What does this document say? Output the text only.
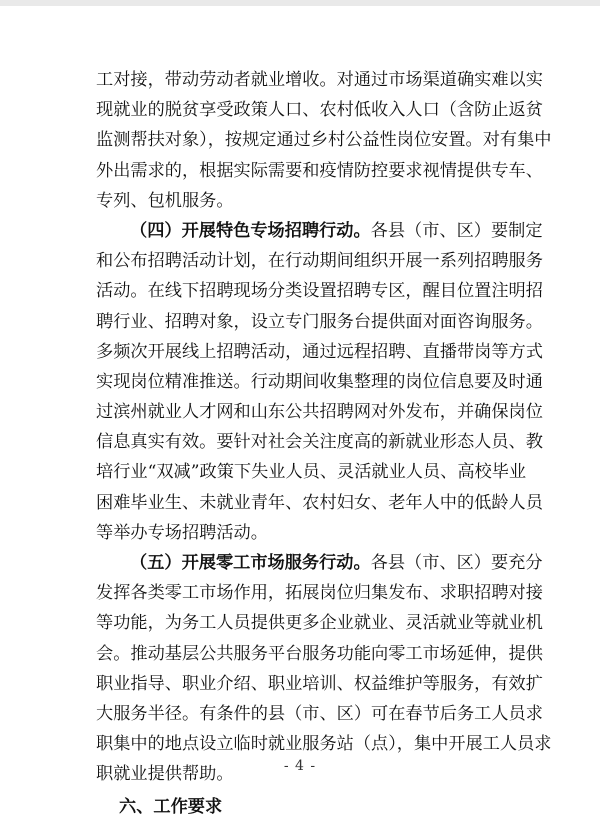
工对接，带动劳动者就业增收。对通过市场渠道确实难以实
现就业的脱贫享受政策人口、农村低收入人口（含防止返贫
监测帮扶对象），按规定通过乡村公益性岗位安置。对有集中
外出需求的，根据实际需要和疫情防控要求视情提供专车、
专列、包机服务。
（四）开展特色专场招聘行动。各县（市、区）要制定
和公布招聘活动计划，在行动期间组织开展一系列招聘服务
活动。在线下招聘现场分类设置招聘专区，醒目位置注明招
聘行业、招聘对象，设立专门服务台提供面对面咨询服务。
多频次开展线上招聘活动，通过远程招聘、直播带岗等方式
实现岗位精准推送。行动期间收集整理的岗位信息要及时通
过滨州就业人才网和山东公共招聘网对外发布，并确保岗位
信息真实有效。要针对社会关注度高的新就业形态人员、教
培行业“双减”政策下失业人员、灵活就业人员、高校毕业
困难毕业生、未就业青年、农村妇女、老年人中的低龄人员
等举办专场招聘活动。
（五）开展零工市场服务行动。各县（市、区）要充分
发挥各类零工市场作用，拓展岗位归集发布、求职招聘对接
等功能，为务工人员提供更多企业就业、灵活就业等就业机
会。推动基层公共服务平台服务功能向零工市场延伸，提供
职业指导、职业介绍、职业培训、权益维护等服务，有效扩
大服务半径。有条件的县（市、区）可在春节后务工人员求
职集中的地点设立临时就业服务站（点），集中开展工人员求
职就业提供帮助。
六、工作要求
- 4 -
